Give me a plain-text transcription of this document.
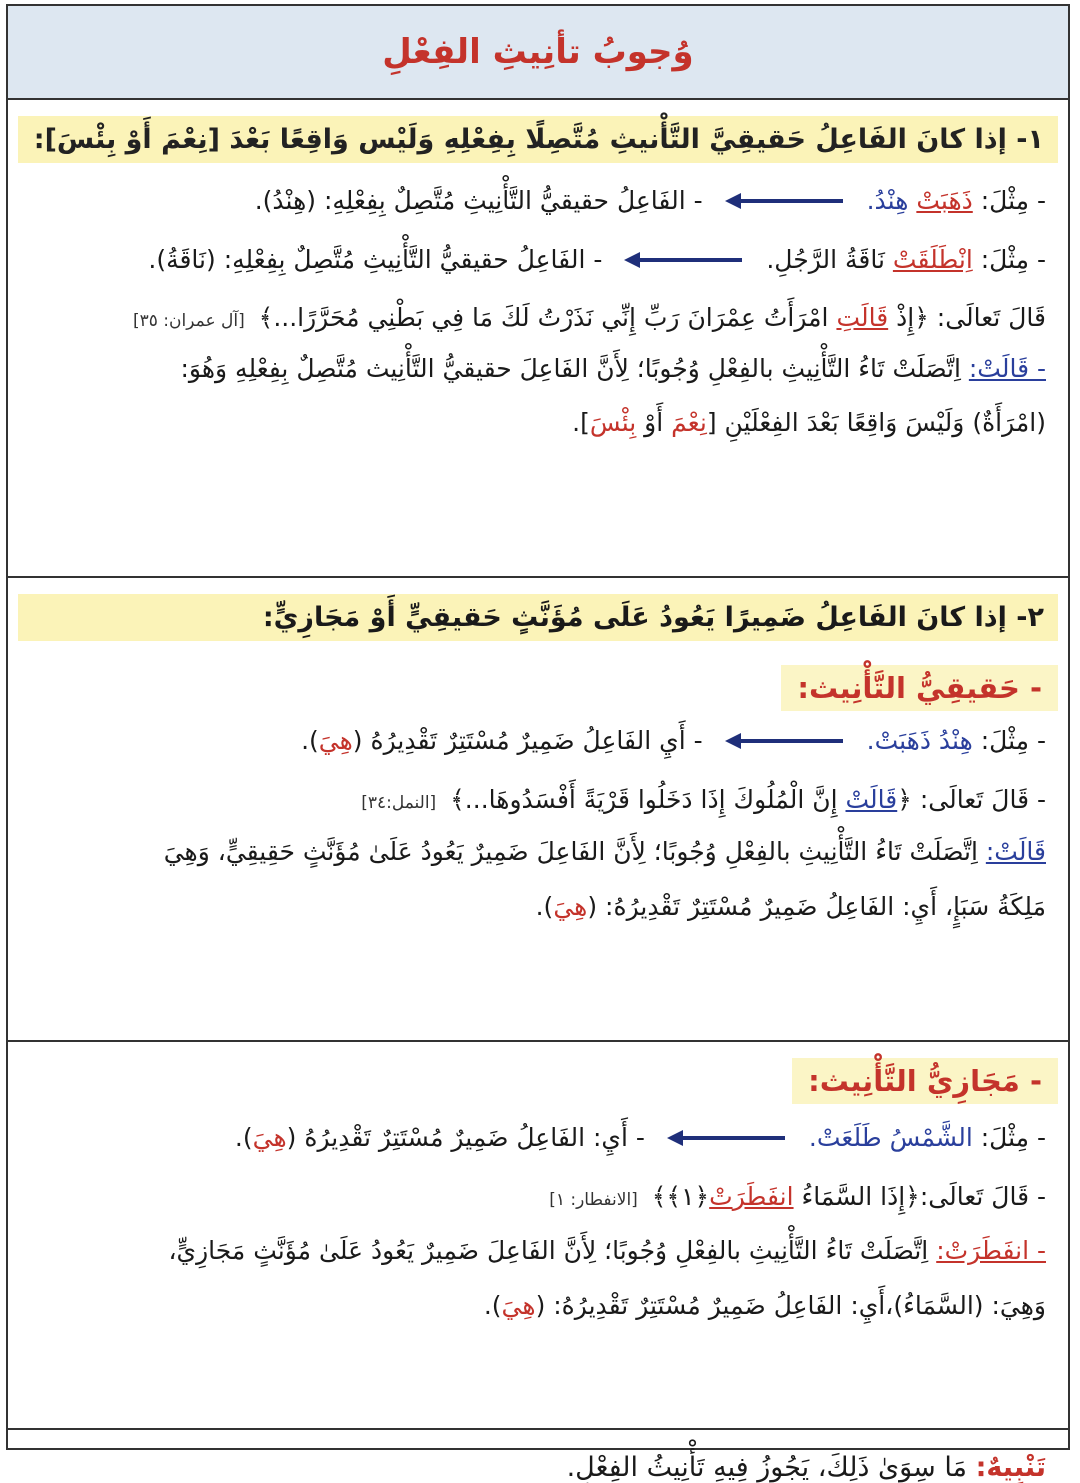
وُجوبُ تأنِيثِ الفِعْلِ
١- إذا كانَ الفَاعِلُ حَقيقِيَّ التَّأْنيثِ مُتَّصِلًا بِفِعْلِهِ وَلَيْس وَاقِعًا بَعْدَ [نِعْمَ أَوْ بِئْسَ]:
- مِثْلَ: ذَهَبَتْ هِنْدُ.
- الفَاعِلُ حقيقيُّ التَّأْنِيثِ مُتَّصِلٌ بِفِعْلِهِ: (هِنْدُ).
- مِثْلَ: اِنْطَلَقَتْ نَاقَةُ الرَّجُلِ.
- الفَاعِلُ حقيقيُّ التَّأْنِيثِ مُتَّصِلٌ بِفِعْلِهِ: (نَاقَةُ).
قَالَ تَعالَى: ﴿إِذْ قَالَتِ امْرَأَتُ عِمْرَانَ رَبِّ إِنِّي نَذَرْتُ لَكَ مَا فِي بَطْنِي مُحَرَّرًا...﴾ [آل عمران: ٣٥]
- قَالَتْ: اِتَّصَلَتْ تَاءُ التَّأْنِيثِ بالفِعْلِ وُجُوبًا؛ لِأَنَّ الفَاعِلَ حقيقيُّ التَّأْنِيث مُتَّصِلٌ بِفِعْلِهِ وَهُوَ:
(امْرَأَةٌ) وَلَيْسَ وَاقِعًا بَعْدَ الفِعْلَيْنِ [نِعْمَ أَوْ بِئْسَ].
٢- إذا كانَ الفَاعِلُ ضَمِيرًا يَعُودُ عَلَى مُؤَنَّثٍ حَقيقِيٍّ أَوْ مَجَازِيٍّ:
- حَقيقِيُّ التَّأْنِيث:
- مِثْلَ: هِنْدُ ذَهَبَتْ.
- أَيِ الفَاعِلُ ضَمِيرٌ مُسْتَتِرٌ تَقْدِيرُهُ (هِيَ).
- قَالَ تَعالَى: ﴿قَالَتْ إِنَّ الْمُلُوكَ إِذَا دَخَلُوا قَرْيَةً أَفْسَدُوهَا...﴾ [النمل:٣٤]
قَالَتْ: اِتَّصَلَتْ تَاءُ التَّأْنِيثِ بالفِعْلِ وُجُوبًا؛ لِأَنَّ الفَاعِلَ ضَمِيرٌ يَعُودُ عَلَىٰ مُؤَنَّثٍ حَقِيقِيٍّ، وَهِيَ
مَلِكَةُ سَبَإٍ، أَيِ: الفَاعِلُ ضَمِيرٌ مُسْتَتِرٌ تَقْدِيرُهُ: (هِيَ).
- مَجَازِيُّ التَّأْنِيث:
- مِثْلَ: الشَّمْسُ طَلَعَتْ.
- أَيِ: الفَاعِلُ ضَمِيرٌ مُسْتَتِرٌ تَقْدِيرُهُ (هِيَ).
- قَالَ تَعالَى:﴿إِذَا السَّمَاءُ انفَطَرَتْ﴿١﴾﴾ [الانفطار: ١]
- انفَطَرَتْ: اِتَّصَلَتْ تَاءُ التَّأْنِيثِ بالفِعْلِ وُجُوبًا؛ لِأَنَّ الفَاعِلَ ضَمِيرٌ يَعُودُ عَلَىٰ مُؤَنَّثٍ مَجَازِيٍّ،
وَهِيَ: (السَّمَاءُ)،أَيِ: الفَاعِلُ ضَمِيرٌ مُسْتَتِرٌ تَقْدِيرُهُ: (هِيَ).
تَنْبِيهٌ: مَا سِوَىٰ ذَلِكَ، يَجُوزُ فِيهِ تَأْنِيثُ الفِعْلِ.
